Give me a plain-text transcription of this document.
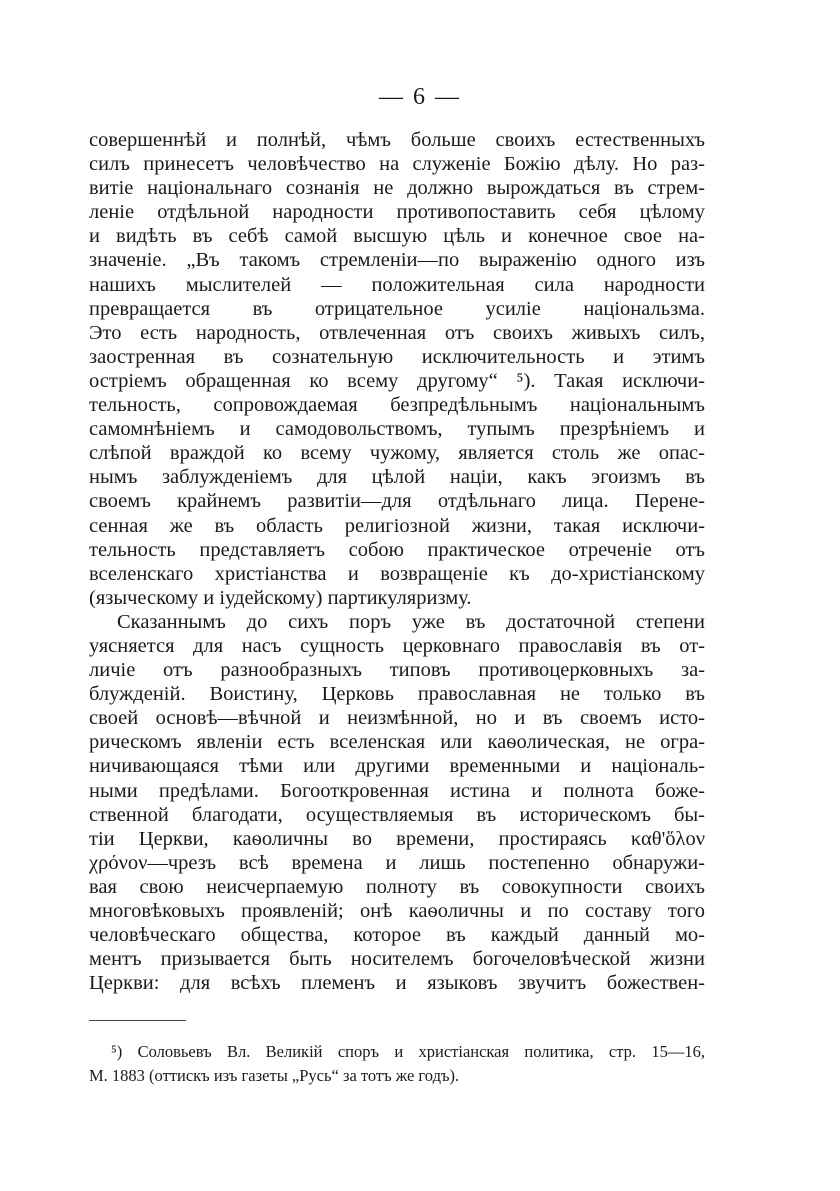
— 6 —
совершеннѣй и полнѣй, чѣмъ больше своихъ естественныхъ
силъ принесетъ человѣчество на служеніе Божію дѣлу. Но раз-
витіе національнаго сознанія не должно вырождаться въ стрем-
леніе отдѣльной народности противопоставить себя цѣлому
и видѣть въ себѣ самой высшую цѣль и конечное свое на-
значеніе. „Въ такомъ стремленіи—по выраженію одного изъ
нашихъ мыслителей — положительная сила народности
превращается въ отрицательное усиліе національзма.
Это есть народность, отвлеченная отъ своихъ живыхъ силъ,
заостренная въ сознательную исключительность и этимъ
остріемъ обращенная ко всему другому“ ⁵). Такая исключи-
тельность, сопровождаемая безпредѣльнымъ національнымъ
самомнѣніемъ и самодовольствомъ, тупымъ презрѣніемъ и
слѣпой враждой ко всему чужому, является столь же опас-
нымъ заблужденіемъ для цѣлой націи, какъ эгоизмъ въ
своемъ крайнемъ развитіи—для отдѣльнаго лица. Перене-
сенная же въ область религіозной жизни, такая исключи-
тельность представляетъ собою практическое отреченіе отъ
вселенскаго христіанства и возвращеніе къ до-христіанскому
(языческому и іудейскому) партикуляризму.
Сказаннымъ до сихъ поръ уже въ достаточной степени
уясняется для насъ сущность церковнаго православія въ от-
личіе отъ разнообразныхъ типовъ противоцерковныхъ за-
блужденій. Воистину, Церковь православная не только въ
своей основѣ—вѣчной и неизмѣнной, но и въ своемъ исто-
рическомъ явленіи есть вселенская или каѳолическая, не огра-
ничивающаяся тѣми или другими временными и національ-
ными предѣлами. Богооткровенная истина и полнота боже-
ственной благодати, осуществляемыя въ историческомъ бы-
тіи Церкви, каѳоличны во времени, простираясь καθ'ὅλον
χρόνον—чрезъ всѣ времена и лишь постепенно обнаружи-
вая свою неисчерпаемую полноту въ совокупности своихъ
многовѣковыхъ проявленій; онѣ каѳоличны и по составу того
человѣческаго общества, которое въ каждый данный мо-
ментъ призывается быть носителемъ богочеловѣческой жизни
Церкви: для всѣхъ племенъ и языковъ звучитъ божествен-
⁵) Соловьевъ Вл. Великій споръ и христіанская политика, стр. 15—16,
М. 1883 (оттискъ изъ газеты „Русь“ за тотъ же годъ).
